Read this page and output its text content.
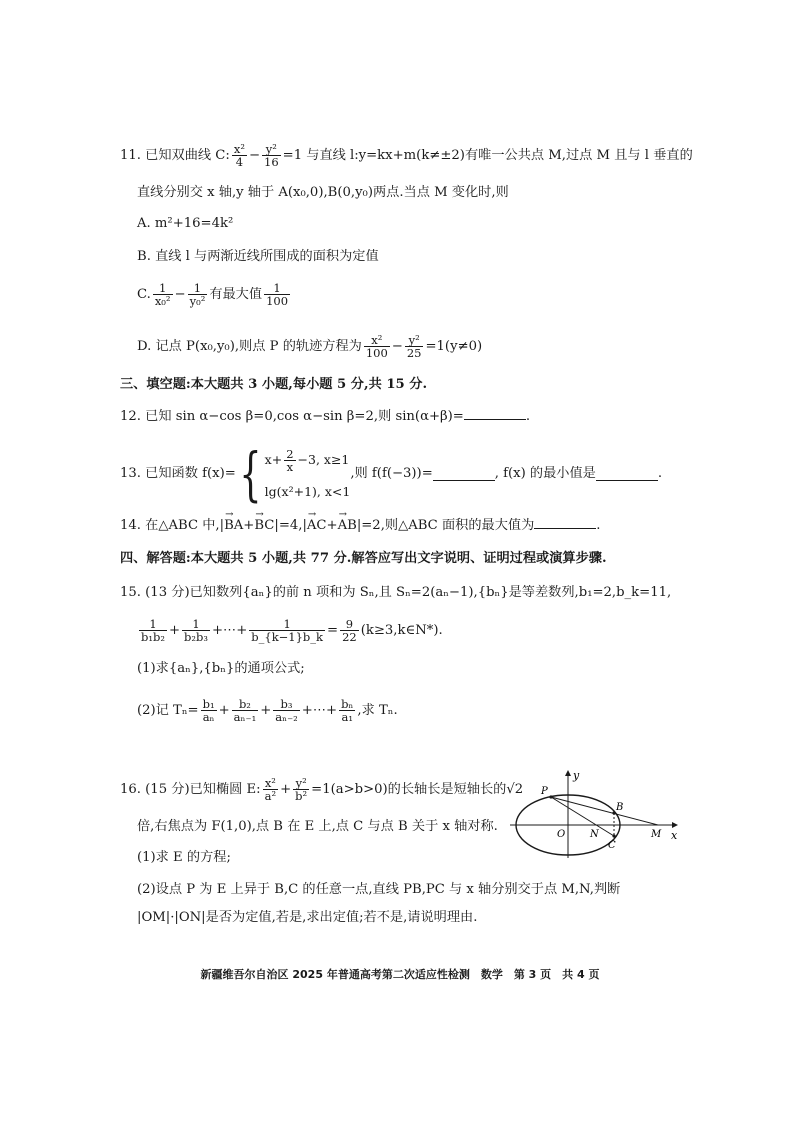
11. 已知双曲线 C: $\frac{\text{x²}}{4} - \frac{\text{y²}}{16} =1$ 与直线 l:y=kx+m(k≠±2)有唯一公共点 M,过点 M 且与 l 垂直的
直线分别交 x 轴,y 轴于 A(x₀,0),B(0,y₀)两点.当点 M 变化时,则
A. m²+16=4k²
B. 直线 l 与两渐近线所围成的面积为定值
C. $\frac{1}{\text{x₀²}} - \frac{1}{\text{y₀²}}$ 有最大值 $\frac{1}{100}$
D. 记点 P(x₀,y₀),则点 P 的轨迹方程为 $\frac{\text{x²}}{100} - \frac{\text{y²}}{25} =1(y\ne 0)$
三、填空题:本大题共 3 小题,每小题 5 分,共 15 分.
12. 已知 sin α−cos β=0,cos α−sin β=2,则 sin(α+β)=	.
13. 已知函数 f(x)={ $x+ \frac{2}{x} -3$, x≥1
lg(x²+1), x<1
,则 f(f(−3))=	, f(x) 的最小值是	.
14. 在△ABC 中,|→ BA+→ BC|=4,|→ AC+→ AB|=2,则△ABC 面积的最大值为	.
四、解答题:本大题共 5 小题,共 77 分.解答应写出文字说明、证明过程或演算步骤.
15. (13 分)已知数列{aₙ}的前 n 项和为 Sₙ,且 Sₙ=2(aₙ−1),{bₙ}是等差数列,b₁=2,b_k=11,
$\frac{1}{\text{b₁b₂}} + \frac{1}{\text{b₂b₃}}$ +⋯+ $\frac{1}{b\_\{k-1\}b\_k} = \frac{9}{22}$ (k≥3,k∈N*).
(1)求{aₙ},{bₙ}的通项公式;
(2)记 $T_n= \frac{\text{b₁}}{\text{aₙ}} + \frac{\text{b₂}}{\text{aₙ₋₁}} + \frac{\text{b₃}}{\text{aₙ₋₂}}$ +⋯+ $\frac{\text{bₙ}}{\text{a₁}}$ ,求 Tₙ.
16. (15 分)已知椭圆 E: $\frac{\text{x²}}{\text{a²}} + \frac{\text{y²}}{\text{b²}} =1(a>b>0)$的长轴长是短轴长的√2
倍,右焦点为 F(1,0),点 B 在 E 上,点 C 与点 B 关于 x 轴对称.
(1)求 E 的方程;
(2)设点 P 为 E 上异于 B,C 的任意一点,直线 PB,PC 与 x 轴分别交于点 M,N,判断
|OM|·|ON|是否为定值,若是,求出定值;若不是,请说明理由.
y
x
O N	M
P
B
C
新疆维吾尔自治区 2025 年普通高考第二次适应性检测　数学　第 3 页　共 4 页
